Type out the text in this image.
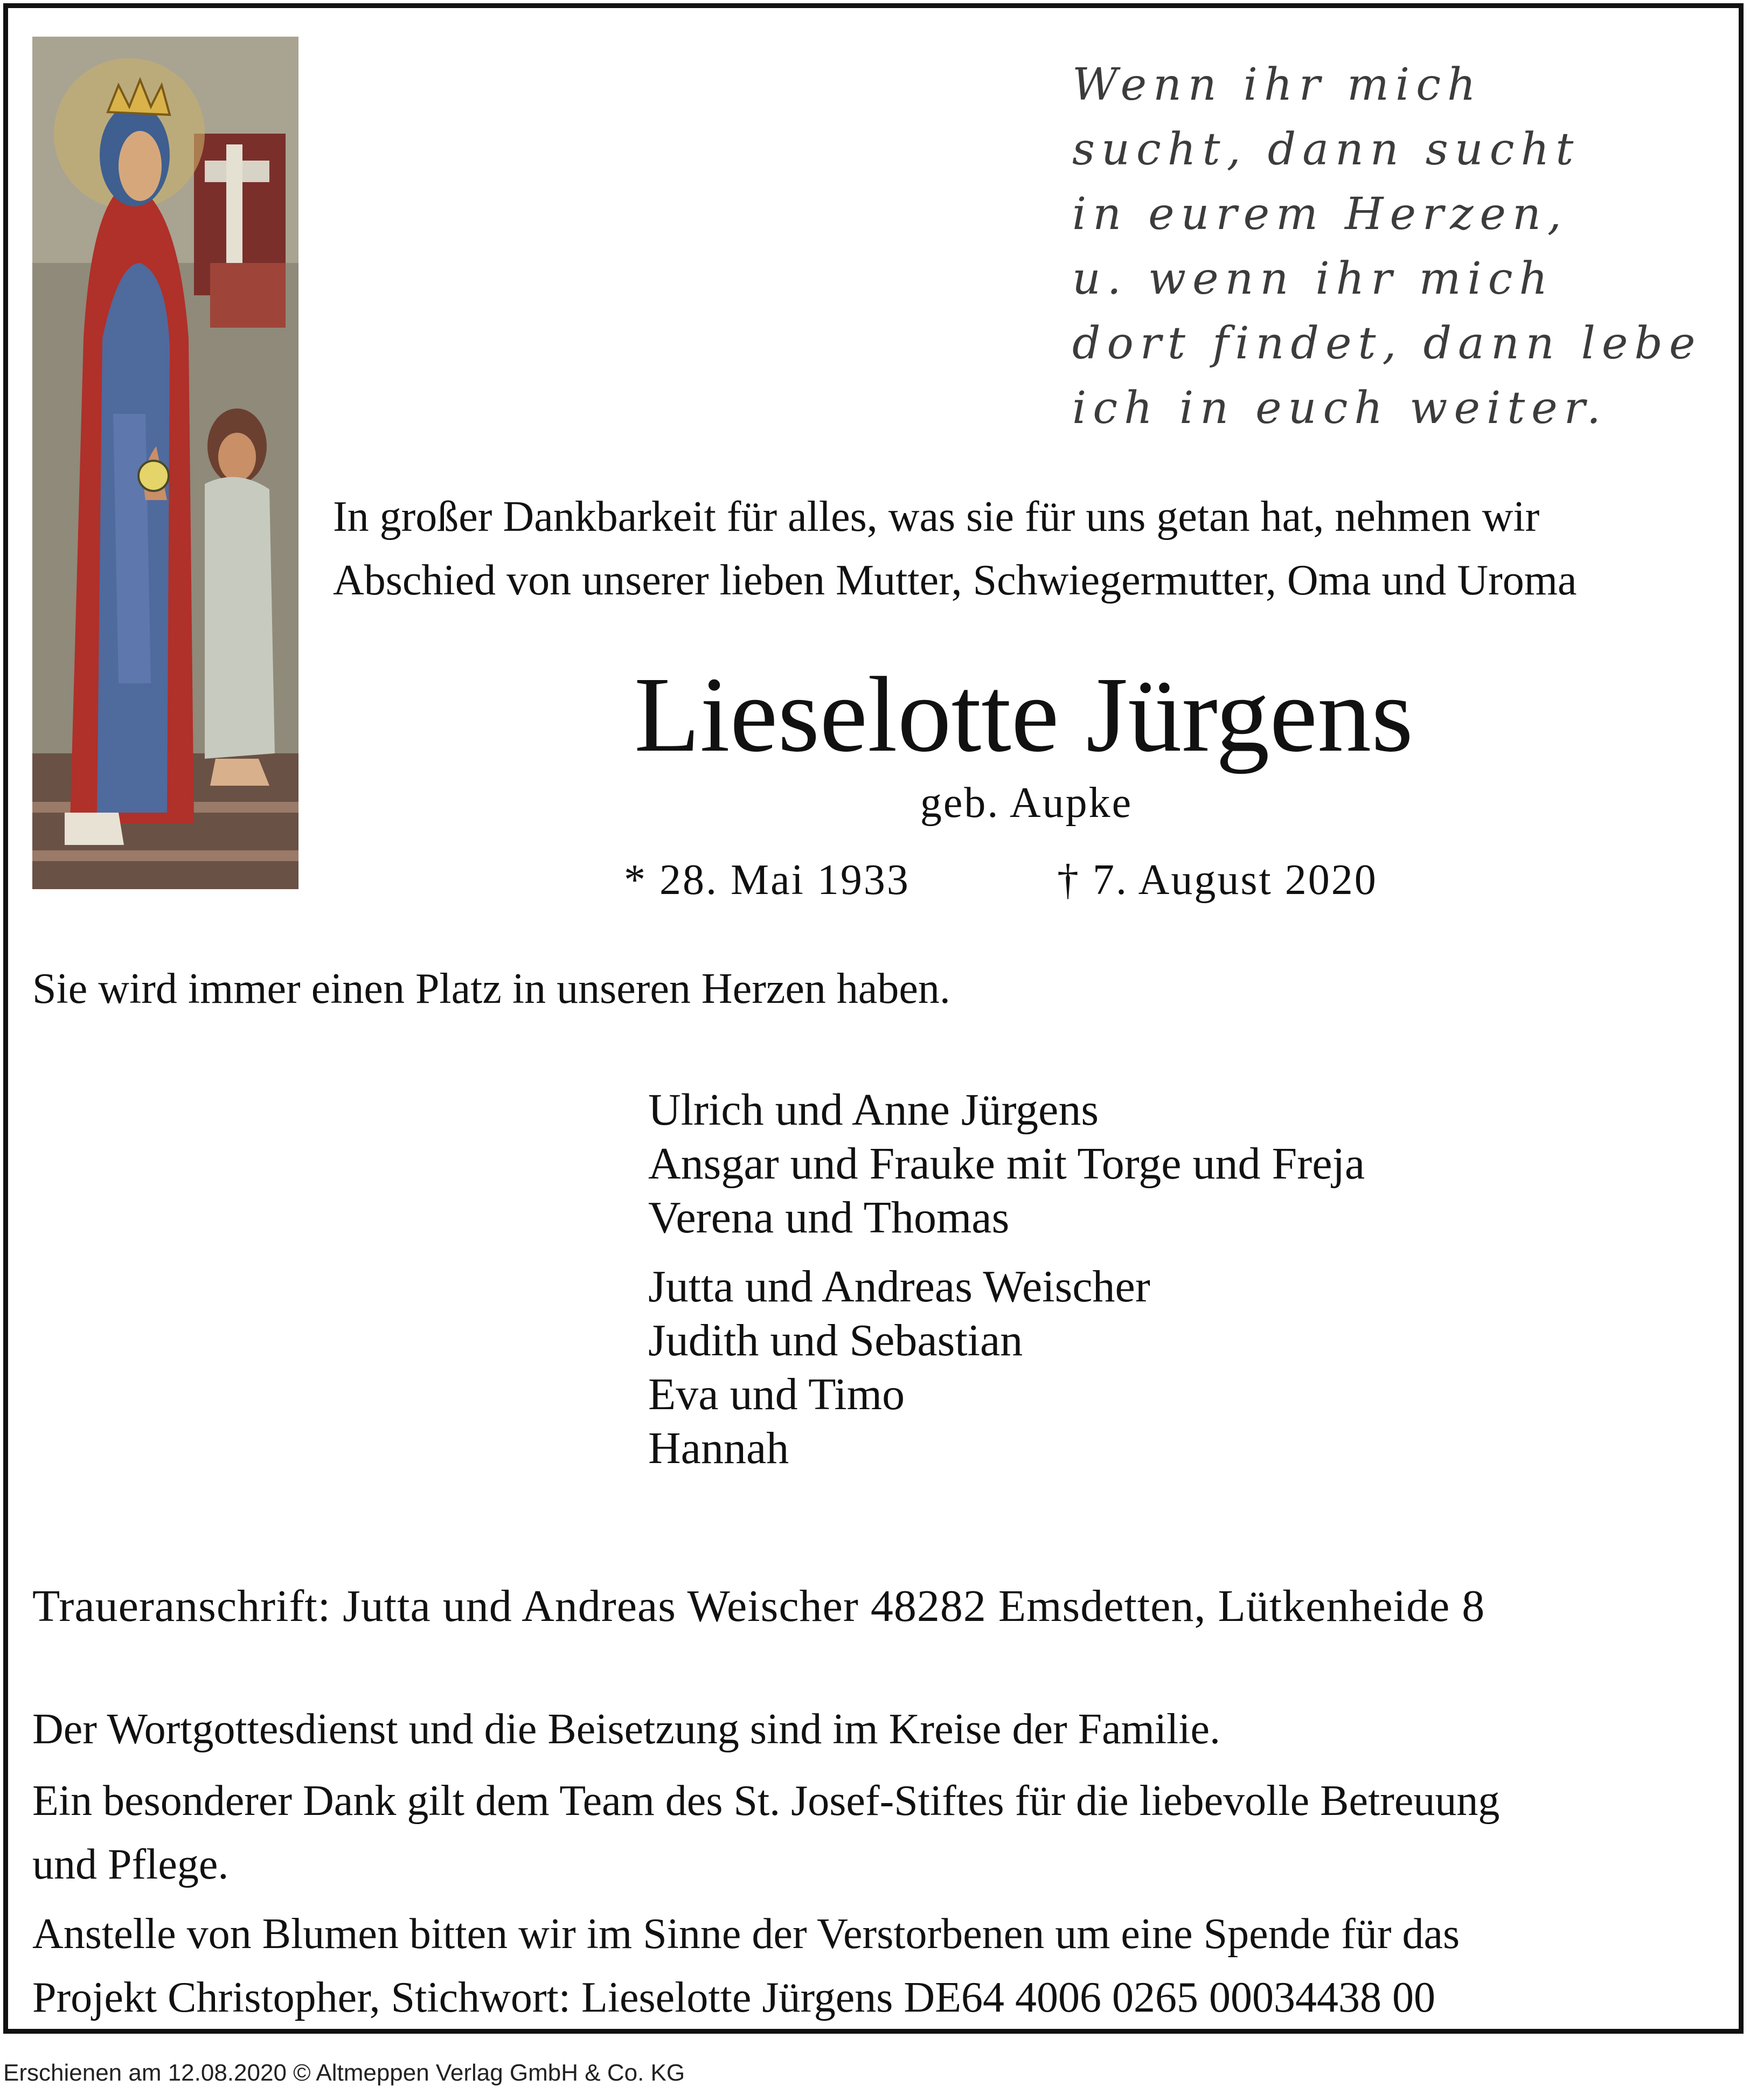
Wenn ihr mich
sucht, dann sucht
in eurem Herzen,
u. wenn ihr mich
dort findet, dann lebe
ich in euch weiter.
In großer Dankbarkeit für alles, was sie für uns getan hat, nehmen wir
Abschied von unserer lieben Mutter, Schwiegermutter, Oma und Uroma
Lieselotte Jürgens
geb. Aupke
* 28. Mai 1933	† 7. August 2020
Sie wird immer einen Platz in unseren Herzen haben.
Ulrich und Anne Jürgens
Ansgar und Frauke mit Torge und Freja
Verena und Thomas
Jutta und Andreas Weischer
Judith und Sebastian
Eva und Timo
Hannah
Traueranschrift: Jutta und Andreas Weischer 48282 Emsdetten, Lütkenheide 8
Der Wortgottesdienst und die Beisetzung sind im Kreise der Familie.
Ein besonderer Dank gilt dem Team des St. Josef-Stiftes für die liebevolle Betreuung
und Pflege.
Anstelle von Blumen bitten wir im Sinne der Verstorbenen um eine Spende für das
Projekt Christopher, Stichwort: Lieselotte Jürgens DE64 4006 0265 00034438 00
Erschienen am 12.08.2020 © Altmeppen Verlag GmbH & Co. KG
